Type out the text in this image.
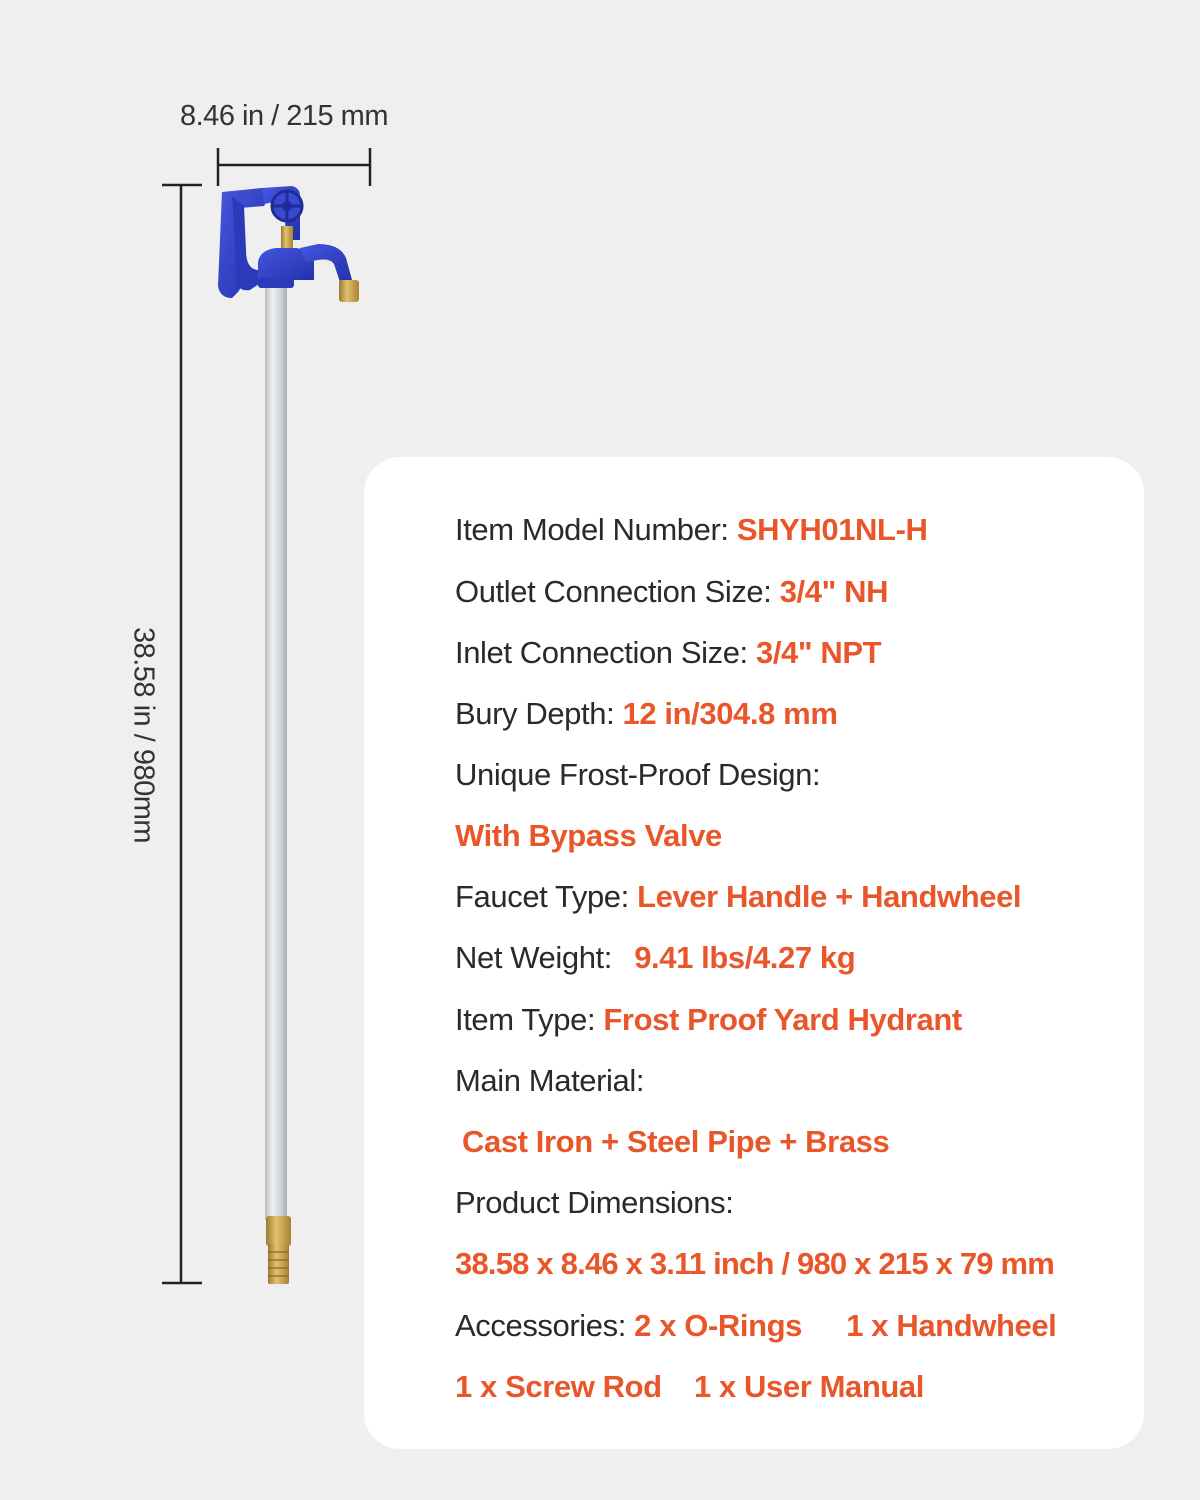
8.46 in / 215 mm
38.58 in / 980mm
Item Model Number: SHYH01NL-H
Outlet Connection Size: 3/4" NH
Inlet Connection Size: 3/4" NPT
Bury Depth: 12 in/304.8 mm
Unique Frost-Proof Design:
With Bypass Valve
Faucet Type: Lever Handle + Handwheel
Net Weight: 9.41 lbs/4.27 kg
Item Type: Frost Proof Yard Hydrant
Main Material:
Cast Iron + Steel Pipe + Brass
Product Dimensions:
38.58 x 8.46 x 3.11 inch / 980 x 215 x 79 mm
Accessories: 2 x O-Rings 1 x Handwheel
1 x Screw Rod 1 x User Manual
